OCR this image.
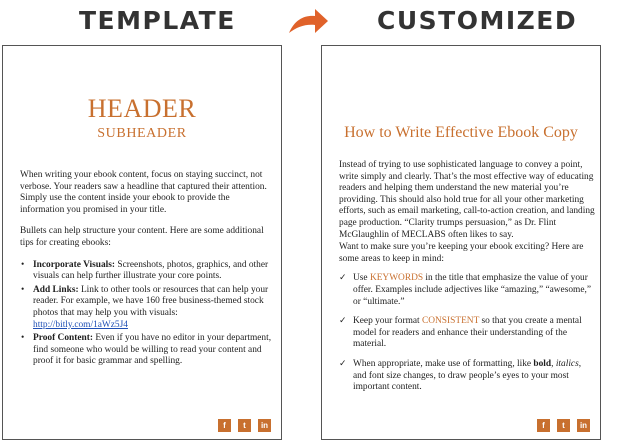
TEMPLATE	CUSTOMIZED
HEADER
SUBHEADER

When writing your ebook content, focus on staying succinct, not verbose. Your readers saw a headline that captured their attention. Simply use the content inside your ebook to provide the information you promised in your title.

Bullets can help structure your content. Here are some additional tips for creating ebooks:

• Incorporate Visuals: Screenshots, photos, graphics, and other visuals can help further illustrate your core points.
• Add Links: Link to other tools or resources that can help your reader. For example, we have 160 free business-themed stock photos that may help you with visuals: http://bitly.com/1aWz5J4
• Proof Content: Even if you have no editor in your department, find someone who would be willing to read your content and proof it for basic grammar and spelling.
f	t	in
How to Write Effective Ebook Copy

Instead of trying to use sophisticated language to convey a point, write simply and clearly. That’s the most effective way of educating readers and helping them understand the new material you’re providing. This should also hold true for all your other marketing efforts, such as email marketing, call-to-action creation, and landing page production. “Clarity trumps persuasion,” as Dr. Flint McGlaughlin of MECLABS often likes to say.

Want to make sure you’re keeping your ebook exciting? Here are some areas to keep in mind:

✓ Use KEYWORDS in the title that emphasize the value of your offer. Examples include adjectives like “amazing,” “awesome,” or “ultimate.”
✓ Keep your format CONSISTENT so that you create a mental model for readers and enhance their understanding of the material.
✓ When appropriate, make use of formatting, like bold, italics, and font size changes, to draw people’s eyes to your most important content.
f	t	in
